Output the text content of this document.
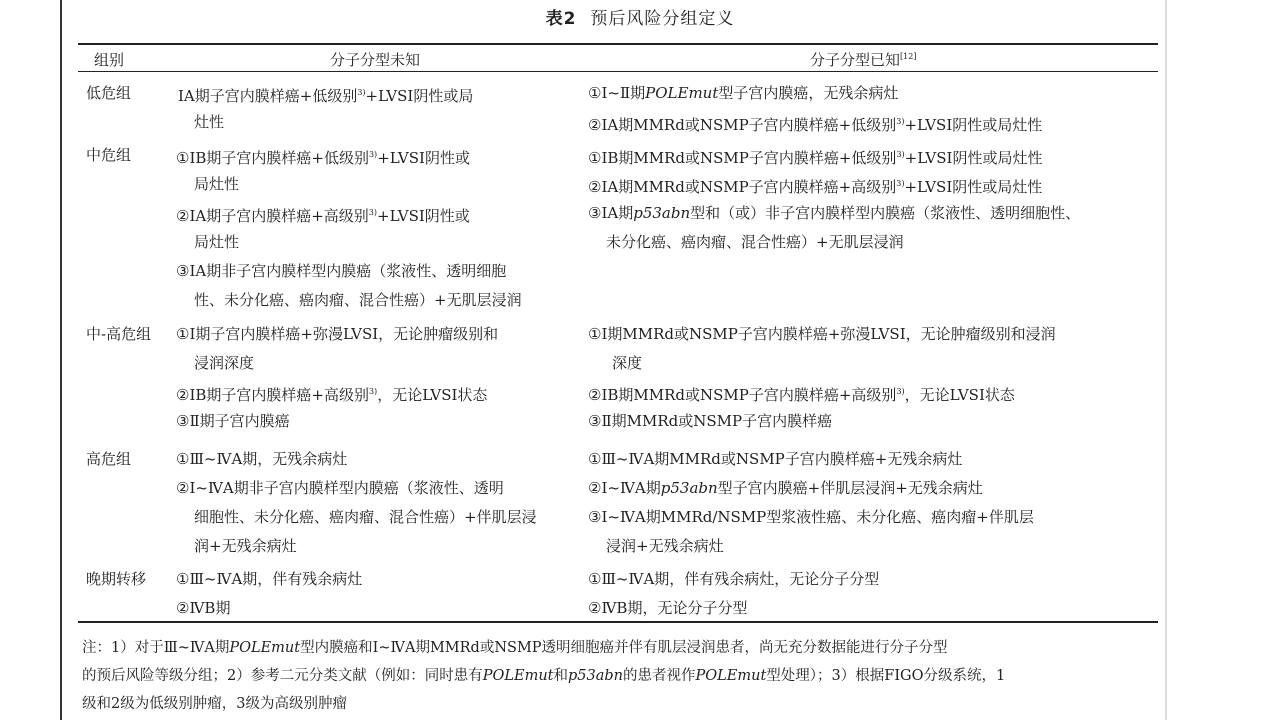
表2 预后风险分组定义
组别	分子分型未知	分子分型已知[12]
低危组
中危组
中-高危组
高危组
晚期转移
ⅠA期子宫内膜样癌+低级别$^{3)}$+LVSI阴性或局
灶性
①Ⅰ~Ⅱ期POLEmut型子宫内膜癌，无残余病灶
②ⅠA期MMRd或NSMP子宫内膜样癌+低级别$^{3)}$+LVSI阴性或局灶性
①ⅠB期子宫内膜样癌+低级别$^{3)}$+LVSI阴性或
局灶性
②ⅠA期子宫内膜样癌+高级别$^{3)}$+LVSI阴性或
局灶性
③ⅠA期非子宫内膜样型内膜癌（浆液性、透明细胞
性、未分化癌、癌肉瘤、混合性癌）+无肌层浸润
①ⅠB期MMRd或NSMP子宫内膜样癌+低级别$^{3)}$+LVSI阴性或局灶性
②ⅠA期MMRd或NSMP子宫内膜样癌+高级别$^{3)}$+LVSI阴性或局灶性
③ⅠA期p53abn型和（或）非子宫内膜样型内膜癌（浆液性、透明细胞性、
未分化癌、癌肉瘤、混合性癌）+无肌层浸润
①Ⅰ期子宫内膜样癌+弥漫LVSI，无论肿瘤级别和
浸润深度
②ⅠB期子宫内膜样癌+高级别$^{3)}$，无论LVSI状态
③Ⅱ期子宫内膜癌
①Ⅰ期MMRd或NSMP子宫内膜样癌+弥漫LVSI，无论肿瘤级别和浸润
深度
②ⅠB期MMRd或NSMP子宫内膜样癌+高级别$^{3)}$，无论LVSI状态
③Ⅱ期MMRd或NSMP子宫内膜样癌
①Ⅲ~ⅣA期，无残余病灶
②Ⅰ~ⅣA期非子宫内膜样型内膜癌（浆液性、透明
细胞性、未分化癌、癌肉瘤、混合性癌）+伴肌层浸
润+无残余病灶
①Ⅲ~ⅣA期MMRd或NSMP子宫内膜样癌+无残余病灶
②Ⅰ~ⅣA期p53abn型子宫内膜癌+伴肌层浸润+无残余病灶
③Ⅰ~ⅣA期MMRd/NSMP型浆液性癌、未分化癌、癌肉瘤+伴肌层
浸润+无残余病灶
①Ⅲ~ⅣA期，伴有残余病灶
②ⅣB期
①Ⅲ~ⅣA期，伴有残余病灶，无论分子分型
②ⅣB期，无论分子分型
注：1）对于Ⅲ~ⅣA期POLEmut型内膜癌和Ⅰ~ⅣA期MMRd或NSMP透明细胞癌并伴有肌层浸润患者，尚无充分数据能进行分子分型
的预后风险等级分组；2）参考二元分类文献（例如：同时患有POLEmut和p53abn的患者视作POLEmut型处理）；3）根据FIGO分级系统，1
级和2级为低级别肿瘤，3级为高级别肿瘤
